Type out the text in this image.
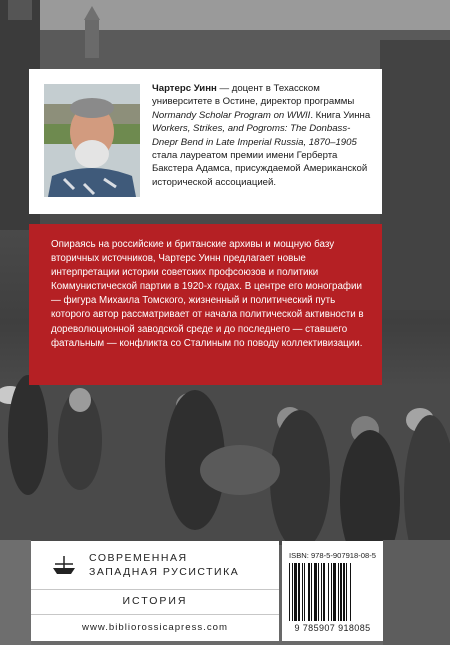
Чартерс Уинн — доцент в Техасском университете в Остине, директор программы Normandy Scholar Program on WWII. Книга Уинна Workers, Strikes, and Pogroms: The Donbass-Dnepr Bend in Late Imperial Russia, 1870–1905 стала лауреатом премии имени Герберта Бакстера Адамса, присуждаемой Американской исторической ассоциацией.

Опираясь на российские и британские архивы и мощную базу вторичных источников, Чартерс Уинн предлагает новые интерпретации истории советских профсоюзов и политики Коммунистической партии в 1920-х годах. В центре его монографии — фигура Михаила Томского, жизненный и политический путь которого автор рассматривает от начала политической активности в дореволюционной заводской среде и до последнего — ставшего фатальным — конфликта со Сталиным по поводу коллективизации.

СОВРЕМЕННАЯ
ЗАПАДНАЯ РУСИСТИКА
ИСТОРИЯ
www.bibliorossicapress.com
ISBN: 978-5-907918-08-5
9 785907 918085
